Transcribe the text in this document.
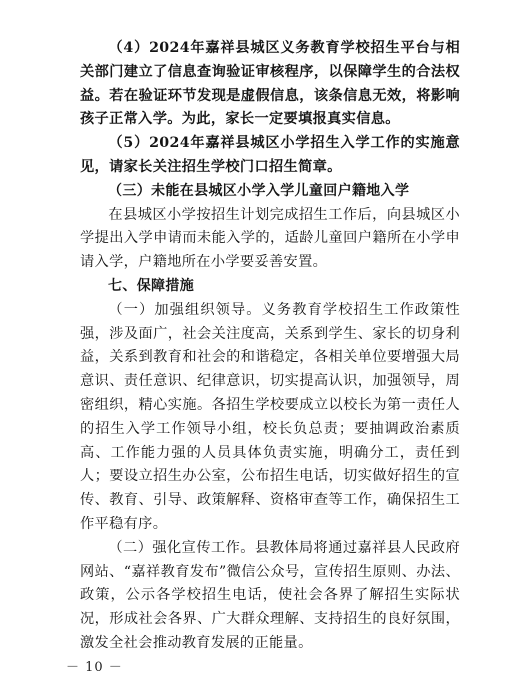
（4）2024年嘉祥县城区义务教育学校招生平台与相关部门建立了信息查询验证审核程序，以保障学生的合法权益。若在验证环节发现是虚假信息，该条信息无效，将影响孩子正常入学。为此，家长一定要填报真实信息。

（5）2024年嘉祥县城区小学招生入学工作的实施意见，请家长关注招生学校门口招生简章。

（三）未能在县城区小学入学儿童回户籍地入学

在县城区小学按招生计划完成招生工作后，向县城区小学提出入学申请而未能入学的，适龄儿童回户籍所在小学申请入学，户籍地所在小学要妥善安置。

七、保障措施

（一）加强组织领导。义务教育学校招生工作政策性强，涉及面广，社会关注度高，关系到学生、家长的切身利益，关系到教育和社会的和谐稳定，各相关单位要增强大局意识、责任意识、纪律意识，切实提高认识，加强领导，周密组织，精心实施。各招生学校要成立以校长为第一责任人的招生入学工作领导小组，校长负总责；要抽调政治素质高、工作能力强的人员具体负责实施，明确分工，责任到人；要设立招生办公室，公布招生电话，切实做好招生的宣传、教育、引导、政策解释、资格审查等工作，确保招生工作平稳有序。

（二）强化宣传工作。县教体局将通过嘉祥县人民政府网站、“嘉祥教育发布”微信公众号，宣传招生原则、办法、政策，公示各学校招生电话，使社会各界了解招生实际状况，形成社会各界、广大群众理解、支持招生的良好氛围，激发全社会推动教育发展的正能量。

－ 10 －
